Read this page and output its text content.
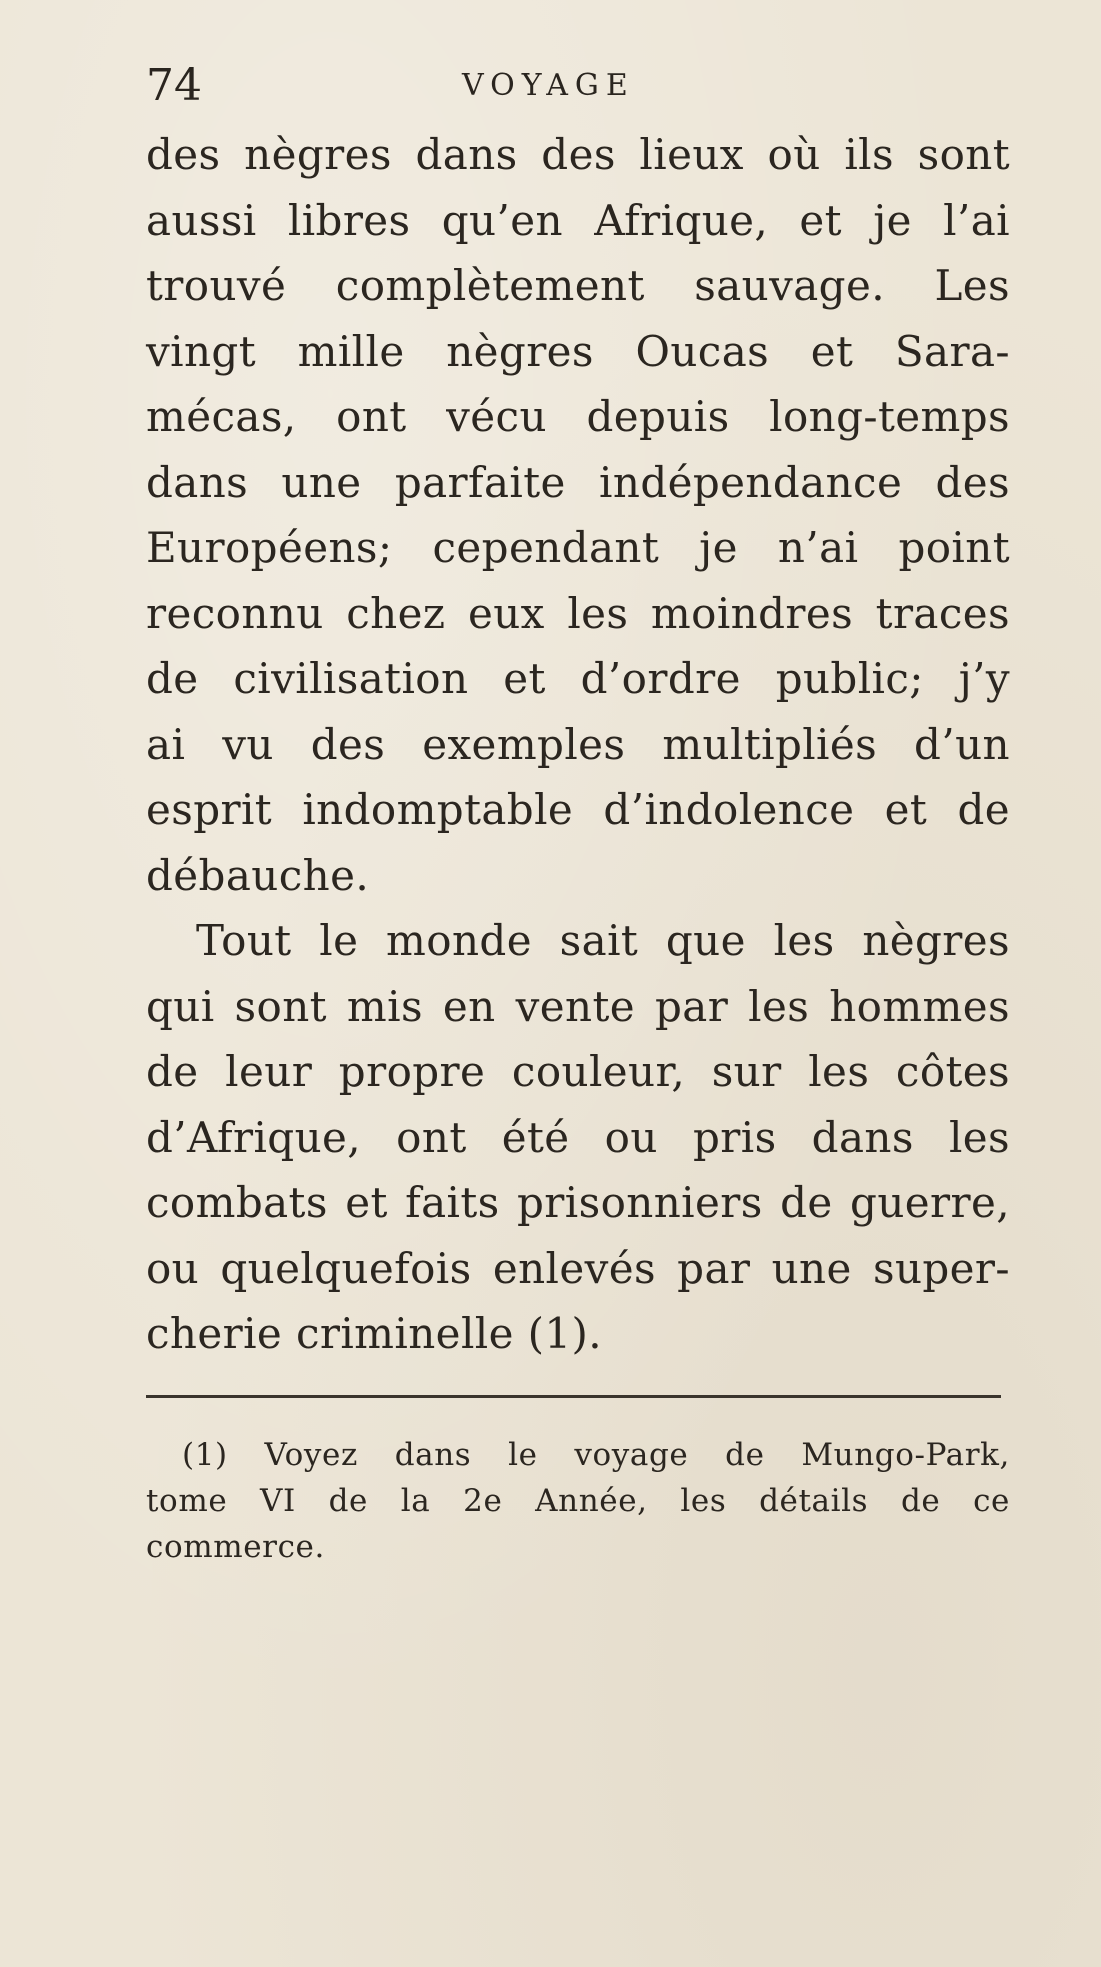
74	VOYAGE
des nègres dans des lieux où ils sont
aussi libres qu’en Afrique, et je l’ai
trouvé complètement sauvage. Les
vingt mille nègres Oucas et Sara-
mécas, ont vécu depuis long-temps
dans une parfaite indépendance des
Européens; cependant je n’ai point
reconnu chez eux les moindres traces
de civilisation et d’ordre public; j’y
ai vu des exemples multipliés d’un
esprit indomptable d’indolence et de
débauche.
Tout le monde sait que les nègres
qui sont mis en vente par les hommes
de leur propre couleur, sur les côtes
d’Afrique, ont été ou pris dans les
combats et faits prisonniers de guerre,
ou quelquefois enlevés par une super-
cherie criminelle (1).
(1) Voyez dans le voyage de Mungo-Park,
tome VI de la 2e Année, les détails de ce
commerce.
